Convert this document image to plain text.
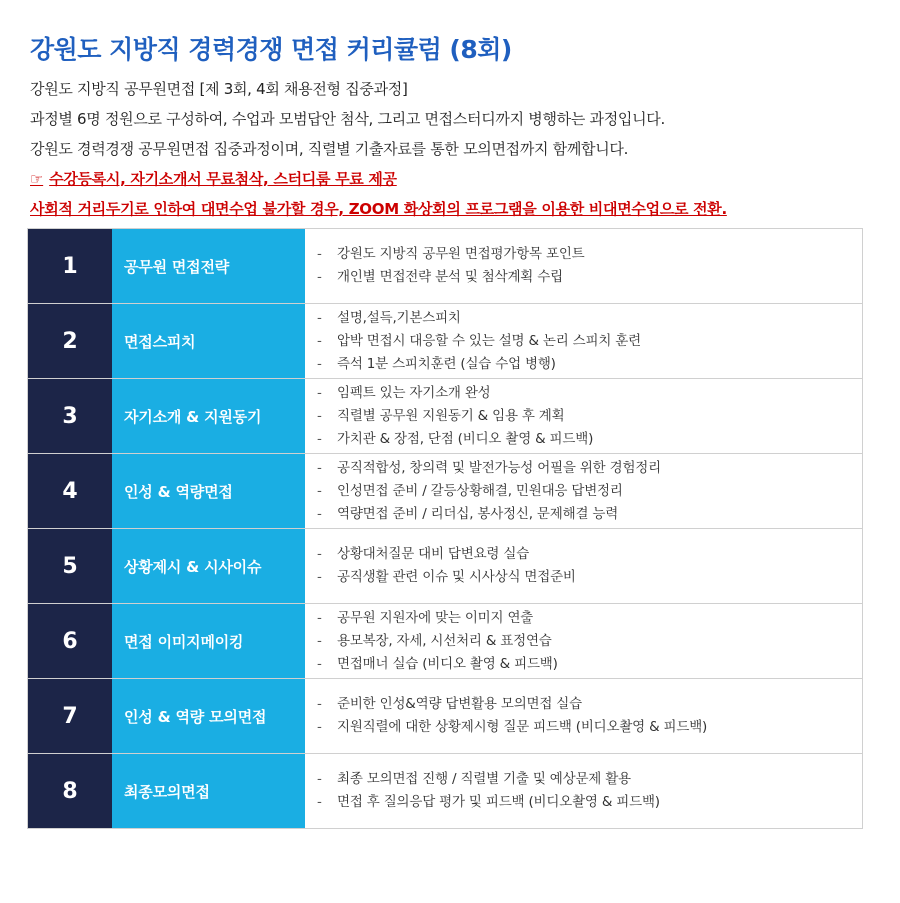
강원도 지방직 경력경쟁 면접 커리큘럼 (8회)
강원도 지방직 공무원면접 [제 3회, 4회 채용전형 집중과정]
과정별 6명 정원으로 구성하여, 수업과 모범답안 첨삭, 그리고 면접스터디까지 병행하는 과정입니다.
강원도 경력경쟁 공무원면접 집중과정이며, 직렬별 기출자료를 통한 모의면접까지 함께합니다.
☞ 수강등록시, 자기소개서 무료첨삭, 스터디룸 무료 제공
사회적 거리두기로 인하여 대면수업 불가할 경우, ZOOM 화상회의 프로그램을 이용한 비대면수업으로 전환.
1	공무원 면접전략
- 강원도 지방직 공무원 면접평가항목 포인트
- 개인별 면접전략 분석 및 첨삭계획 수립
2	면접스피치
- 설명,설득,기본스피치
- 압박 면접시 대응할 수 있는 설명 & 논리 스피치 훈련
- 즉석 1분 스피치훈련 (실습 수업 병행)
3	자기소개 & 지원동기
- 임펙트 있는 자기소개 완성
- 직렬별 공무원 지원동기 & 임용 후 계획
- 가치관 & 장점, 단점 (비디오 촬영 & 피드백)
4	인성 & 역량면접
- 공직적합성, 창의력 및 발전가능성 어필을 위한 경험정리
- 인성면접 준비 / 갈등상황해결, 민원대응 답변정리
- 역량면접 준비 / 리더십, 봉사정신, 문제해결 능력
5	상황제시 & 시사이슈
- 상황대처질문 대비 답변요령 실습
- 공직생활 관련 이슈 및 시사상식 면접준비
6	면접 이미지메이킹
- 공무원 지원자에 맞는 이미지 연출
- 용모복장, 자세, 시선처리 & 표정연습
- 면접매너 실습 (비디오 촬영 & 피드백)
7	인성 & 역량 모의면접
- 준비한 인성&역량 답변활용 모의면접 실습
- 지원직렬에 대한 상황제시형 질문 피드백 (비디오촬영 & 피드백)
8	최종모의면접
- 최종 모의면접 진행 / 직렬별 기출 및 예상문제 활용
- 면접 후 질의응답 평가 및 피드백 (비디오촬영 & 피드백)
